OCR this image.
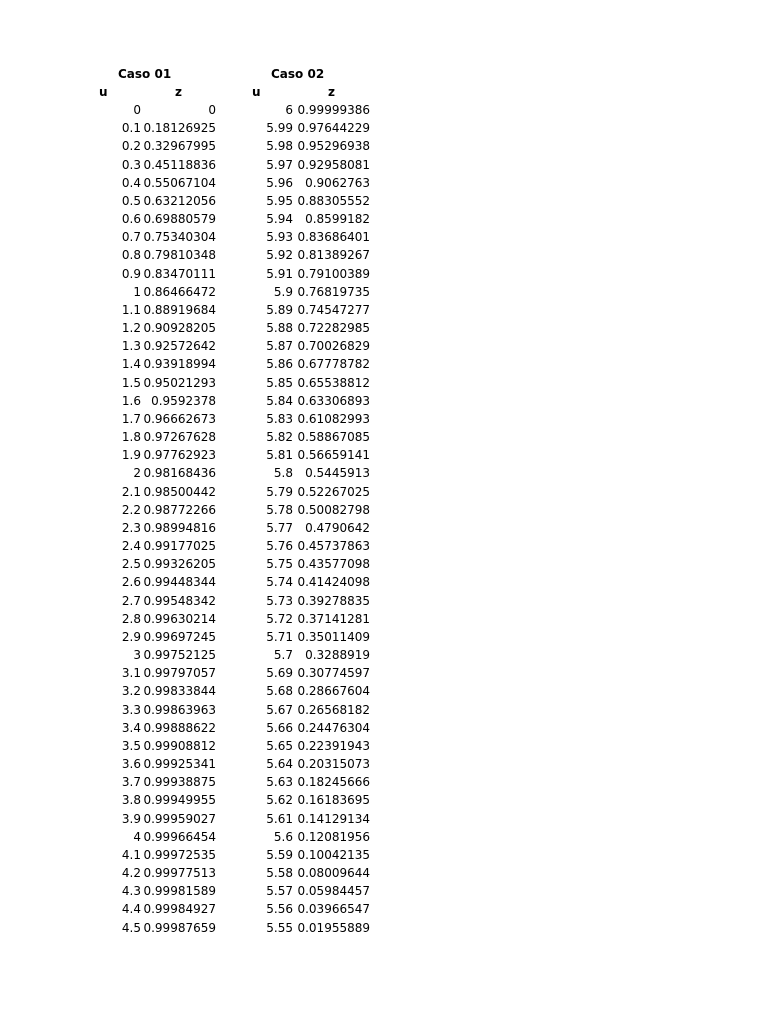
Caso 01	Caso 02
u	z	u	z
0	0	6 0.99999386
0.1 0.18126925	5.99 0.97644229
0.2 0.32967995	5.98 0.95296938
0.3 0.45118836	5.97 0.92958081
0.4 0.55067104	5.96	0.9062763
0.5 0.63212056	5.95 0.88305552
0.6 0.69880579	5.94	0.8599182
0.7 0.75340304	5.93 0.83686401
0.8 0.79810348	5.92 0.81389267
0.9 0.83470111	5.91 0.79100389
1 0.86466472	5.9 0.76819735
1.1 0.88919684	5.89 0.74547277
1.2 0.90928205	5.88 0.72282985
1.3 0.92572642	5.87 0.70026829
1.4 0.93918994	5.86 0.67778782
1.5 0.95021293	5.85 0.65538812
1.6 0.9592378	5.84 0.63306893
1.7 0.96662673	5.83 0.61082993
1.8 0.97267628	5.82 0.58867085
1.9 0.97762923	5.81 0.56659141
2 0.98168436	5.8	0.5445913
2.1 0.98500442	5.79 0.52267025
2.2 0.98772266	5.78 0.50082798
2.3 0.98994816	5.77	0.4790642
2.4 0.99177025	5.76 0.45737863
2.5 0.99326205	5.75 0.43577098
2.6 0.99448344	5.74 0.41424098
2.7 0.99548342	5.73 0.39278835
2.8 0.99630214	5.72 0.37141281
2.9 0.99697245	5.71 0.35011409
3 0.99752125	5.7	0.3288919
3.1 0.99797057	5.69 0.30774597
3.2 0.99833844	5.68 0.28667604
3.3 0.99863963	5.67 0.26568182
3.4 0.99888622	5.66 0.24476304
3.5 0.99908812	5.65 0.22391943
3.6 0.99925341	5.64 0.20315073
3.7 0.99938875	5.63 0.18245666
3.8 0.99949955	5.62 0.16183695
3.9 0.99959027	5.61 0.14129134
4 0.99966454	5.6 0.12081956
4.1 0.99972535	5.59 0.10042135
4.2 0.99977513	5.58 0.08009644
4.3 0.99981589	5.57 0.05984457
4.4 0.99984927	5.56 0.03966547
4.5 0.99987659	5.55 0.01955889
